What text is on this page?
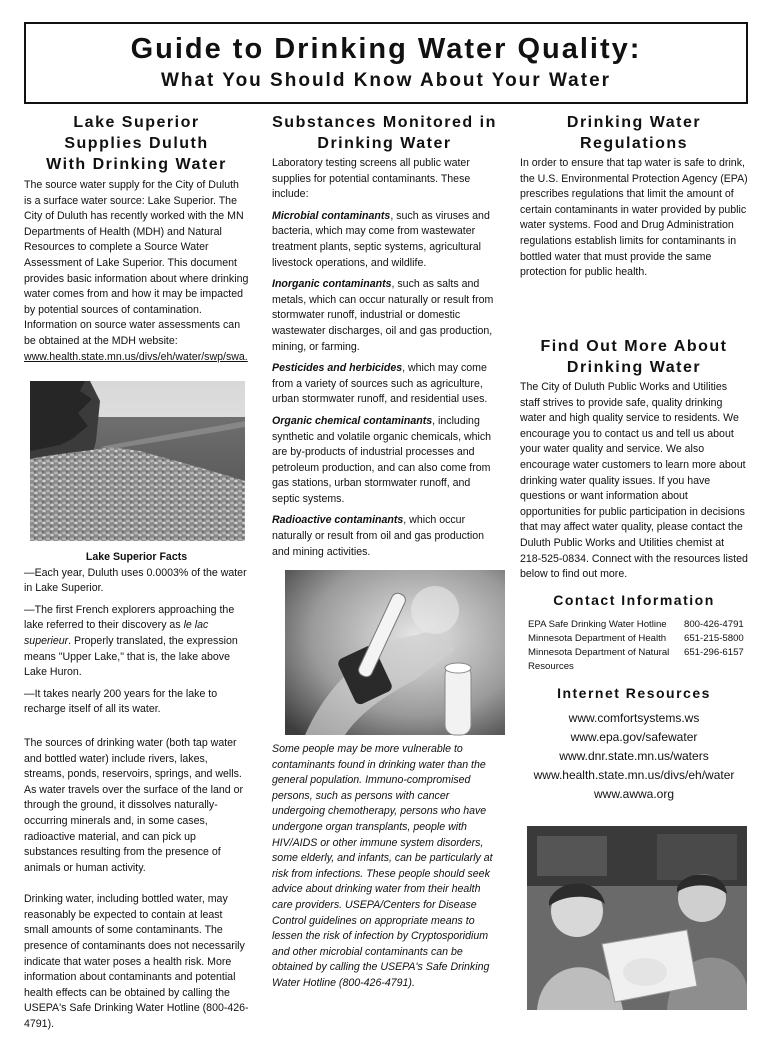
Guide to Drinking Water Quality:
What You Should Know About Your Water
Lake Superior Supplies Duluth With Drinking Water
The source water supply for the City of Duluth is a surface water source: Lake Superior. The City of Duluth has recently worked with the MN Departments of Health (MDH) and Natural Resources to complete a Source Water Assessment of Lake Superior. This document provides basic information about where drinking water comes from and how it may be impacted by potential sources of contamination. Information on source water assessments can be obtained at the MDH website:
www.health.state.mn.us/divs/eh/water/swp/swa.
Lake Superior Facts
—Each year, Duluth uses 0.0003% of the water in Lake Superior.
—The first French explorers approaching the lake referred to their discovery as le lac superieur. Properly translated, the expression means "Upper Lake," that is, the lake above Lake Huron.
—It takes nearly 200 years for the lake to recharge itself of all its water.
The sources of drinking water (both tap water and bottled water) include rivers, lakes, streams, ponds, reservoirs, springs, and wells. As water travels over the surface of the land or through the ground, it dissolves naturally-occurring minerals and, in some cases, radioactive material, and can pick up substances resulting from the presence of animals or human activity.
Drinking water, including bottled water, may reasonably be expected to contain at least small amounts of some contaminants. The presence of contaminants does not necessarily indicate that water poses a health risk. More information about contaminants and potential health effects can be obtained by calling the USEPA's Safe Drinking Water Hotline (800-426-4791).
Substances Monitored in Drinking Water
Laboratory testing screens all public water supplies for potential contaminants. These include:
Microbial contaminants, such as viruses and bacteria, which may come from wastewater treatment plants, septic systems, agricultural livestock operations, and wildlife.
Inorganic contaminants, such as salts and metals, which can occur naturally or result from stormwater runoff, industrial or domestic wastewater discharges, oil and gas production, mining, or farming.
Pesticides and herbicides, which may come from a variety of sources such as agriculture, urban stormwater runoff, and residential uses.
Organic chemical contaminants, including synthetic and volatile organic chemicals, which are by-products of industrial processes and petroleum production, and can also come from gas stations, urban stormwater runoff, and septic systems.
Radioactive contaminants, which occur naturally or result from oil and gas production and mining activities.
Some people may be more vulnerable to contaminants found in drinking water than the general population. Immuno-compromised persons, such as persons with cancer undergoing chemotherapy, persons who have undergone organ transplants, people with HIV/AIDS or other immune system disorders, some elderly, and infants, can be particularly at risk from infections. These people should seek advice about drinking water from their health care providers. USEPA/Centers for Disease Control guidelines on appropriate means to lessen the risk of infection by Cryptosporidium and other microbial contaminants can be obtained by calling the USEPA's Safe Drinking Water Hotline (800-426-4791).
Drinking Water Regulations
In order to ensure that tap water is safe to drink, the U.S. Environmental Protection Agency (EPA) prescribes regulations that limit the amount of certain contaminants in water provided by public water systems. Food and Drug Administration regulations establish limits for contaminants in bottled water that must provide the same protection for public health.
Find Out More About Drinking Water
The City of Duluth Public Works and Utilities staff strives to provide safe, quality drinking water and high quality service to residents. We encourage you to contact us and tell us about your water quality and service. We also encourage water customers to learn more about drinking water quality issues. If you have questions or want information about opportunities for public participation in decisions that may affect water quality, please contact the Duluth Public Works and Utilities chemist at 218-525-0834. Connect with the resources listed below to find out more.
Contact Information
EPA Safe Drinking Water Hotline	800-426-4791
Minnesota Department of Health	651-215-5800
Minnesota Department of Natural Resources
651-296-6157
Internet Resources
www.comfortsystems.ws
www.epa.gov/safewater
www.dnr.state.mn.us/waters
www.health.state.mn.us/divs/eh/water
www.awwa.org
